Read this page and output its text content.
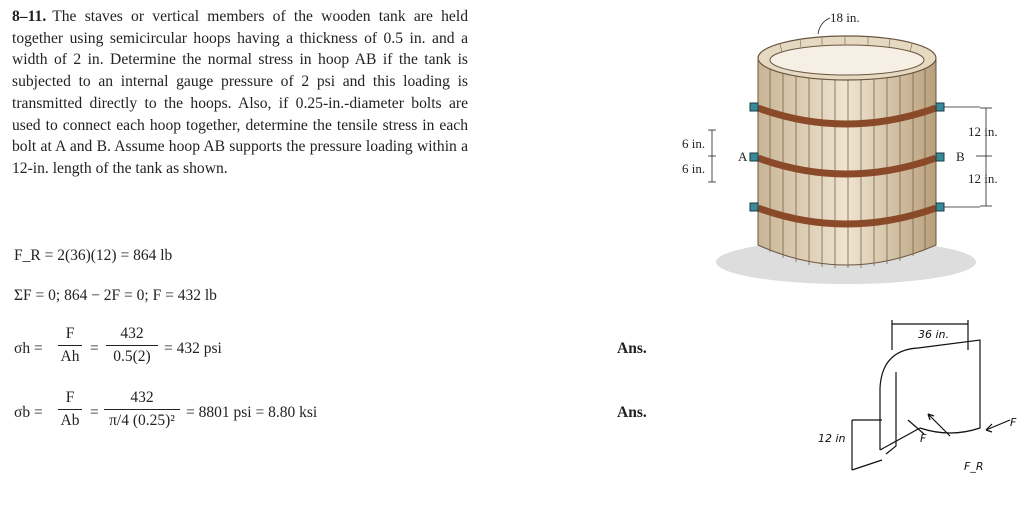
8–11. The staves or vertical members of the wooden tank are held together using semicircular hoops having a thickness of 0.5 in. and a width of 2 in. Determine the normal stress in hoop AB if the tank is subjected to an internal gauge pressure of 2 psi and this loading is transmitted directly to the hoops. Also, if 0.25-in.-diameter bolts are used to connect each hoop together, determine the tensile stress in each bolt at A and B. Assume hoop AB supports the pressure loading within a 12-in. length of the tank as shown.
F_R = 2(36)(12) = 864 lb
ΣF = 0; 864 − 2F = 0; F = 432 lb
σh =
F
Ah =
432
0.5(2) = 432 psi
σb =
F
Ab =
432
π/4 (0.25)² = 8801 psi = 8.80 ksi
Ans.
Ans.
18 in.
6 in.
6 in.
A
12 in.
12 in.
B
36 in.
12 in	F
F
F_R
